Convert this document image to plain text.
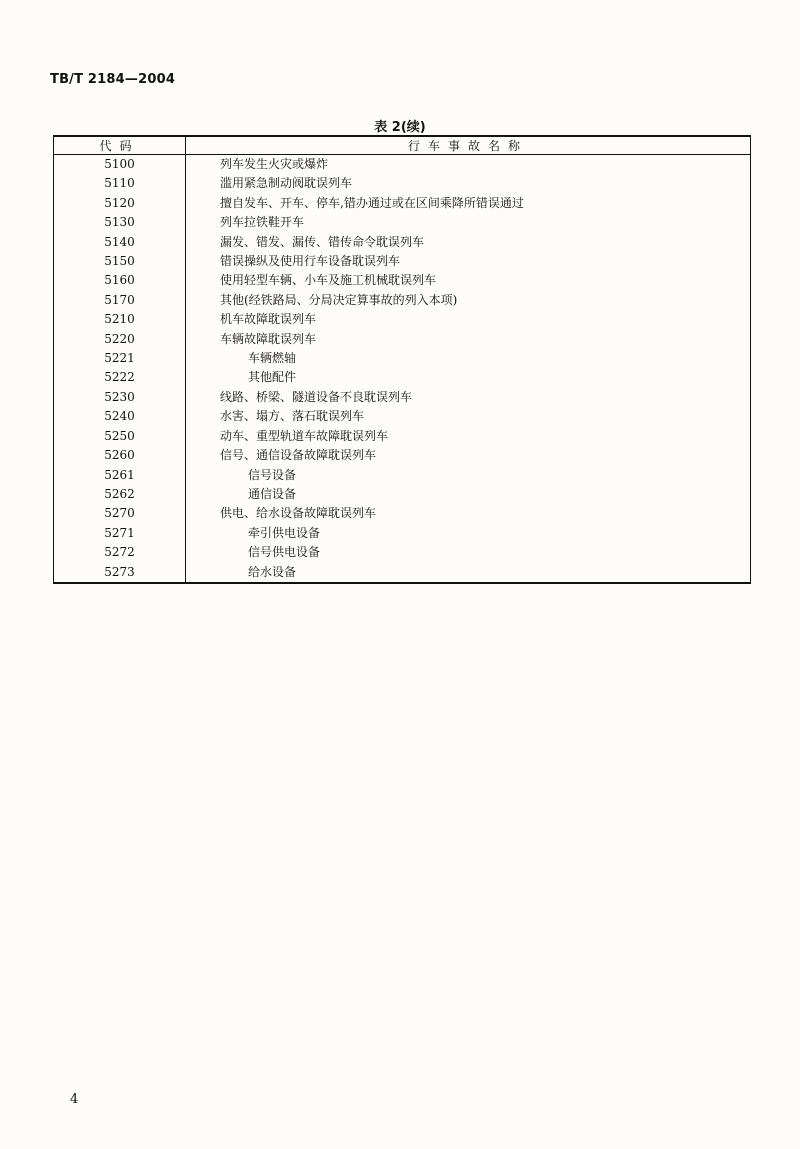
TB/T 2184—2004
表 2(续)
代码	行车事故名称
5100	列车发生火灾或爆炸
5110	滥用紧急制动阀耽误列车
5120	擅自发车、开车、停车,错办通过或在区间乘降所错误通过
5130	列车拉铁鞋开车
5140	漏发、错发、漏传、错传命令耽误列车
5150	错误操纵及使用行车设备耽误列车
5160	使用轻型车辆、小车及施工机械耽误列车
5170	其他(经铁路局、分局决定算事故的列入本项)
5210	机车故障耽误列车
5220	车辆故障耽误列车
5221	车辆燃轴
5222	其他配件
5230	线路、桥梁、隧道设备不良耽误列车
5240	水害、塌方、落石耽误列车
5250	动车、重型轨道车故障耽误列车
5260	信号、通信设备故障耽误列车
5261	信号设备
5262	通信设备
5270	供电、给水设备故障耽误列车
5271	牵引供电设备
5272	信号供电设备
5273	给水设备
4
